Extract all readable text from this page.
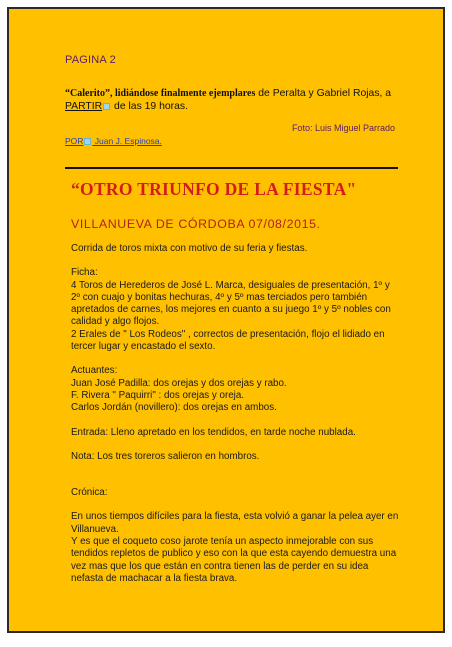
PAGINA 2
“Calerito”, lidiándose finalmente ejemplares de Peralta y Gabriel Rojas, a PARTIR de las 19 horas.
Foto: Luis Miguel Parrado
POR Juan J. Espinosa.
“OTRO TRIUNFO DE LA FIESTA"
VILLANUEVA DE CÓRDOBA 07/08/2015.

Corrida de toros mixta con motivo de su feria y fiestas.

Ficha:

4 Toros de Herederos de José L. Marca, desiguales de presentación, 1º y 2º con cuajo y bonitas hechuras, 4º y 5º mas terciados pero también apretados de carnes, los mejores en cuanto a su juego 1º y 5º nobles con calidad y algo flojos.

2 Erales de " Los Rodeos" , correctos de presentación, flojo el lidiado en tercer lugar y encastado el sexto.

Actuantes:

Juan José Padilla: dos orejas y dos orejas y rabo.

F. Rivera " Paquirri" : dos orejas y oreja.

Carlos Jordán (novillero): dos orejas en ambos.

Entrada: Lleno apretado en los tendidos, en tarde noche nublada.

Nota: Los tres toreros salieron en hombros.

Crónica:

En unos tiempos difíciles para la fiesta, esta volvió a ganar la pelea ayer en Villanueva.

Y es que el coqueto coso jarote tenía un aspecto inmejorable con sus tendidos repletos de publico y eso con la que esta cayendo demuestra una vez mas que los que están en contra tienen las de perder en su idea nefasta de machacar a la fiesta brava.
